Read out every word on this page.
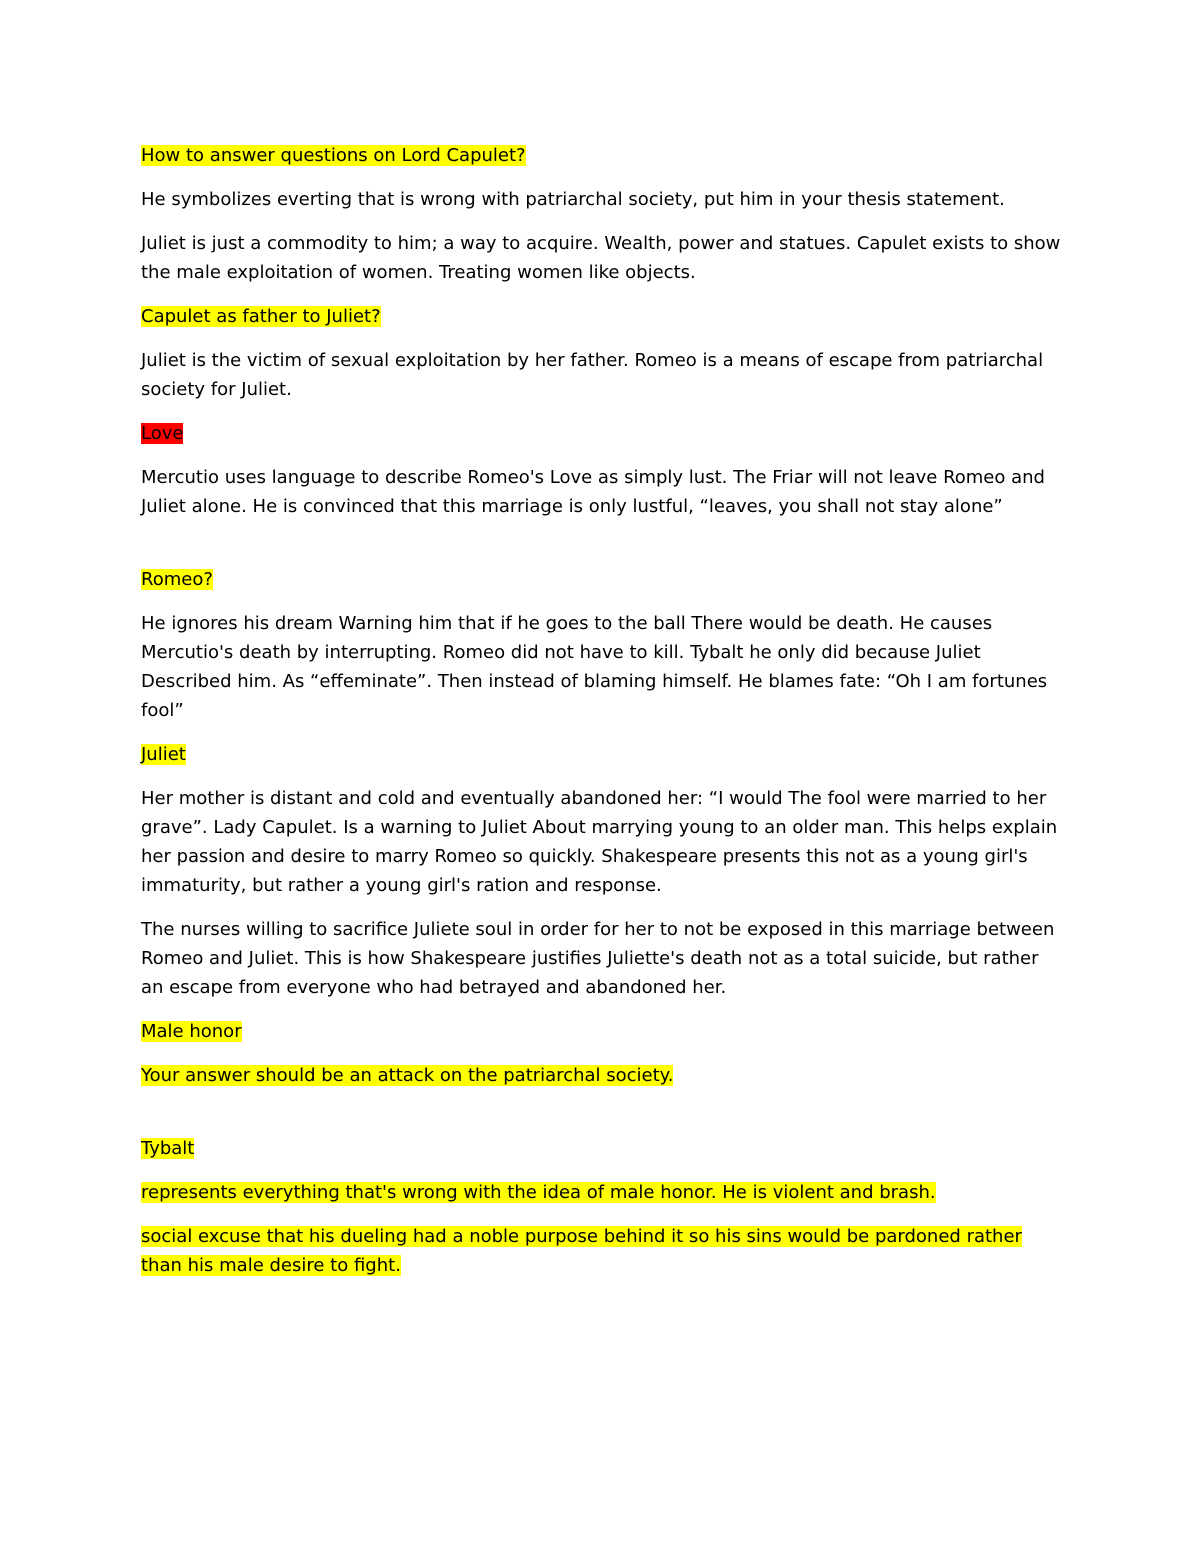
How to answer questions on Lord Capulet?

He symbolizes everting that is wrong with patriarchal society, put him in your thesis statement.

Juliet is just a commodity to him; a way to acquire. Wealth, power and statues. Capulet exists to show the male exploitation of women. Treating women like objects.

Capulet as father to Juliet?

Juliet is the victim of sexual exploitation by her father. Romeo is a means of escape from patriarchal society for Juliet.

Love

Mercutio uses language to describe Romeo's Love as simply lust. The Friar will not leave Romeo and Juliet alone. He is convinced that this marriage is only lustful, “leaves, you shall not stay alone”

Romeo?

He ignores his dream Warning him that if he goes to the ball There would be death. He causes Mercutio's death by interrupting. Romeo did not have to kill. Tybalt he only did because Juliet Described him. As “effeminate”. Then instead of blaming himself. He blames fate: “Oh I am fortunes fool”

Juliet

Her mother is distant and cold and eventually abandoned her: “I would The fool were married to her grave”. Lady Capulet. Is a warning to Juliet About marrying young to an older man. This helps explain her passion and desire to marry Romeo so quickly. Shakespeare presents this not as a young girl's immaturity, but rather a young girl's ration and response.

The nurses willing to sacrifice Juliete soul in order for her to not be exposed in this marriage between Romeo and Juliet. This is how Shakespeare justifies Juliette's death not as a total suicide, but rather an escape from everyone who had betrayed and abandoned her.

Male honor

Your answer should be an attack on the patriarchal society.

Tybalt

represents everything that's wrong with the idea of male honor. He is violent and brash.

social excuse that his dueling had a noble purpose behind it so his sins would be pardoned rather than his male desire to fight.
